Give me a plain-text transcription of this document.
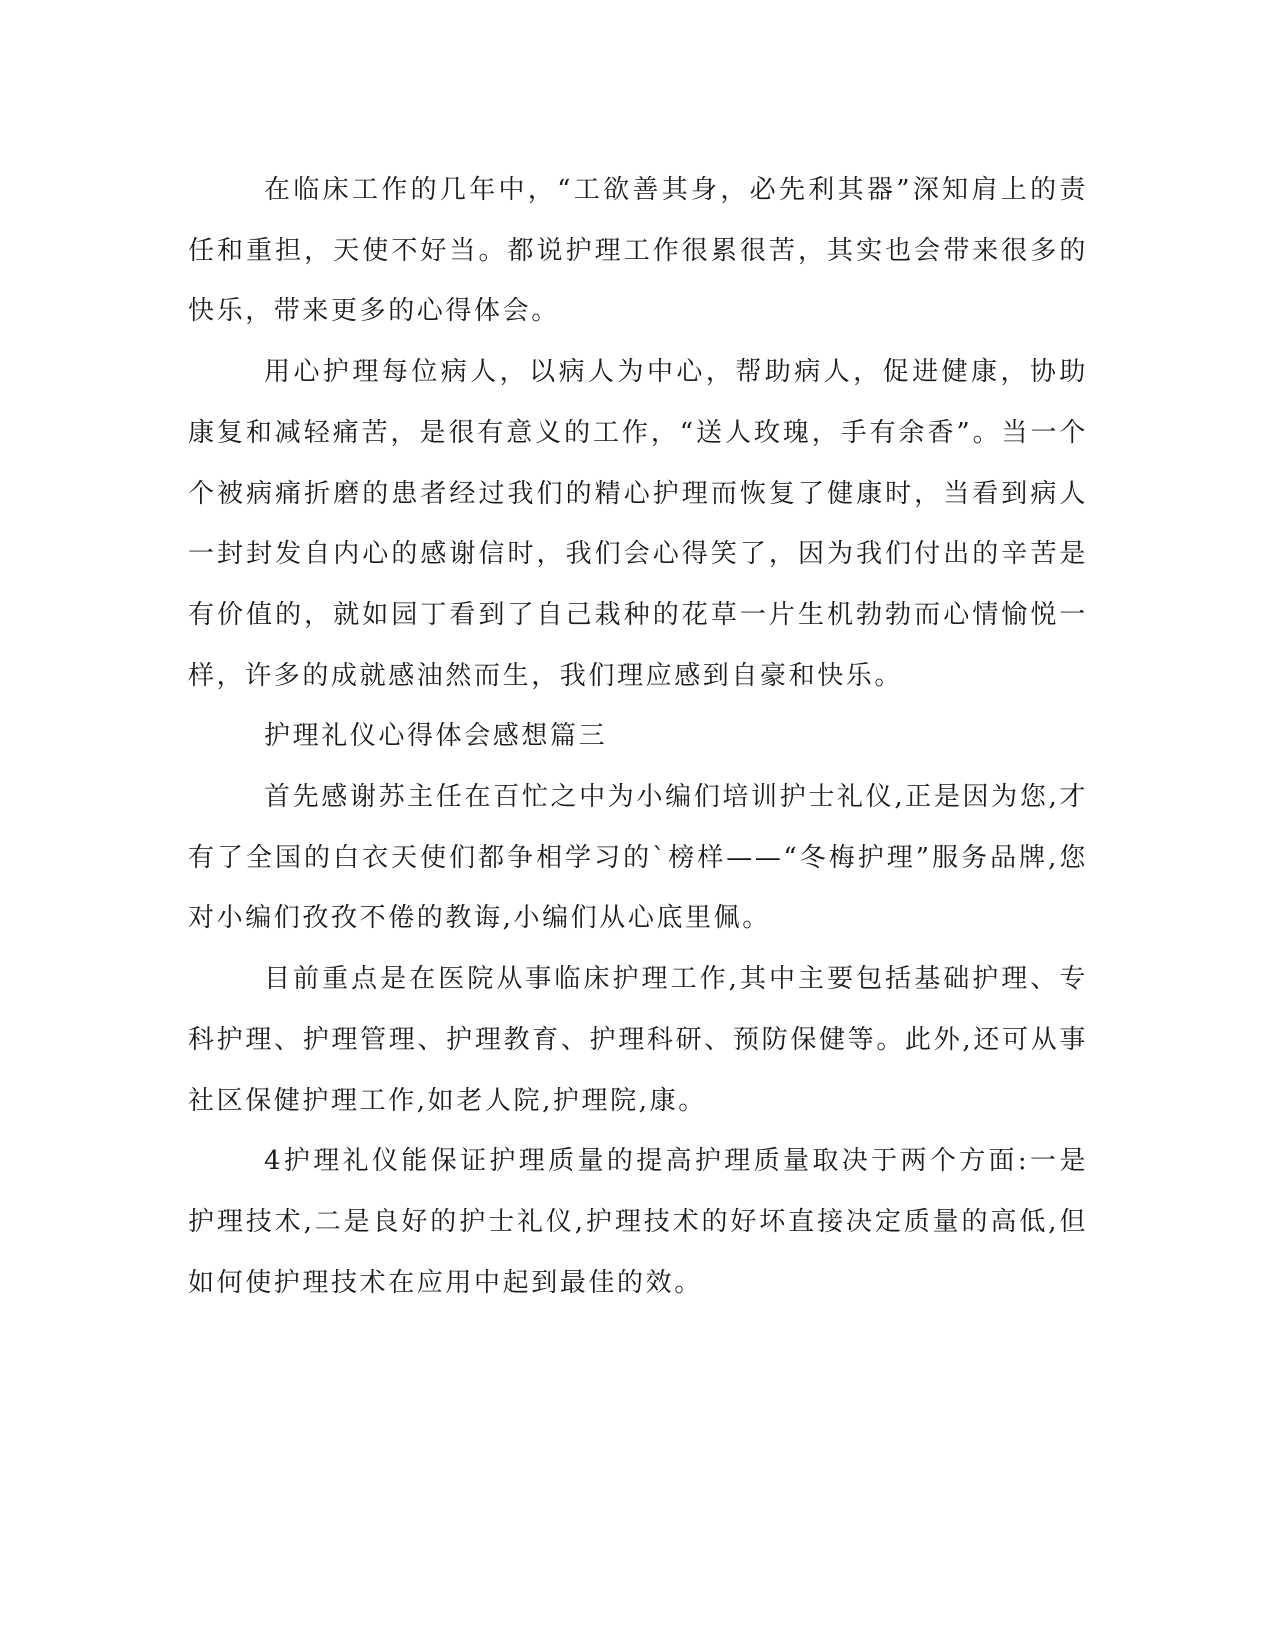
在临床工作的几年中，“工欲善其身，必先利其器”深知肩上的责任和重担，天使不好当。都说护理工作很累很苦，其实也会带来很多的快乐，带来更多的心得体会。

用心护理每位病人，以病人为中心，帮助病人，促进健康，协助康复和减轻痛苦，是很有意义的工作，“送人玫瑰，手有余香”。当一个个被病痛折磨的患者经过我们的精心护理而恢复了健康时，当看到病人一封封发自内心的感谢信时，我们会心得笑了，因为我们付出的辛苦是有价值的，就如园丁看到了自己栽种的花草一片生机勃勃而心情愉悦一样，许多的成就感油然而生，我们理应感到自豪和快乐。

护理礼仪心得体会感想篇三

首先感谢苏主任在百忙之中为小编们培训护士礼仪,正是因为您,才有了全国的白衣天使们都争相学习的`榜样——“冬梅护理”服务品牌,您对小编们孜孜不倦的教诲,小编们从心底里佩。

目前重点是在医院从事临床护理工作,其中主要包括基础护理、专科护理、护理管理、护理教育、护理科研、预防保健等。此外,还可从事社区保健护理工作,如老人院,护理院,康。

4护理礼仪能保证护理质量的提高护理质量取决于两个方面:一是护理技术,二是良好的护士礼仪,护理技术的好坏直接决定质量的高低,但如何使护理技术在应用中起到最佳的效。
